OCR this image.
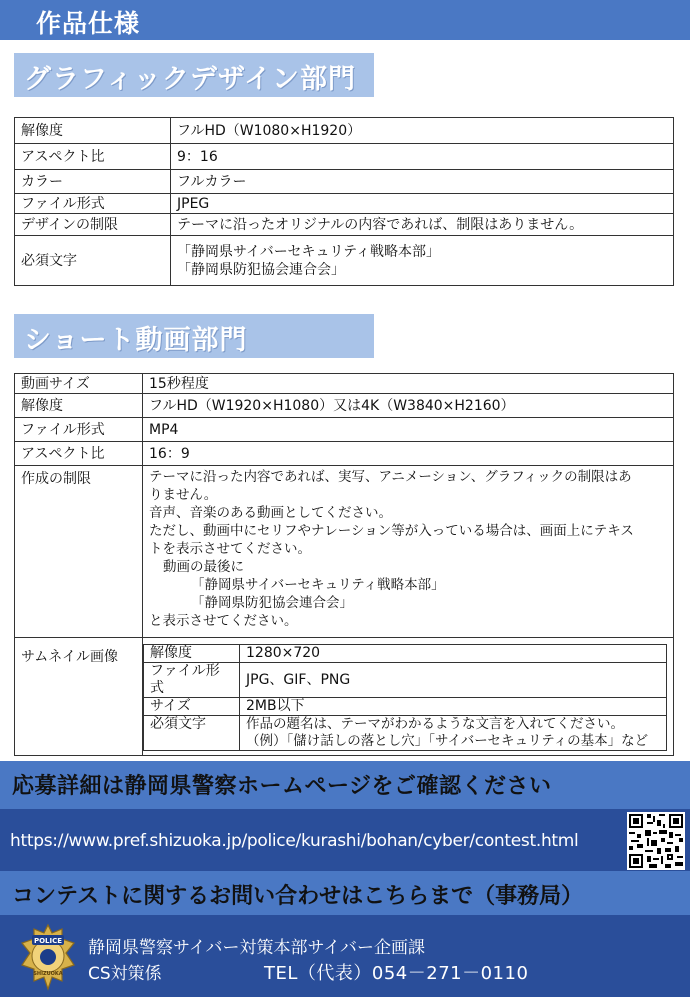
作品仕様
グラフィックデザイン部門
解像度	フルHD（W1080×H1920）
アスペクト比	9：16
カラー	フルカラー
ファイル形式	JPEG
デザインの制限	テーマに沿ったオリジナルの内容であれば、制限はありません。
必須文字	「静岡県サイバーセキュリティ戦略本部」
「静岡県防犯協会連合会」
ショート動画部門
動画サイズ	15秒程度
解像度	フルHD（W1920×H1080）又は4K（W3840×H2160）
ファイル形式	MP4
アスペクト比	16：9
作成の制限	テーマに沿った内容であれば、実写、アニメーション、グラフィックの制限はあ
りません。
音声、音楽のある動画としてください。
ただし、動画中にセリフやナレーション等が入っている場合は、画面上にテキス
トを表示させてください。
動画の最後に
「静岡県サイバーセキュリティ戦略本部」
「静岡県防犯協会連合会」
と表示させてください。

サムネイル画像	解像度	1280×720
ファイル形式	JPG、GIF、PNG
サイズ	2MB以下
必須文字	作品の題名は、テーマがわかるような文言を入れてください。
（例）「儲け話しの落とし穴」「サイバーセキュリティの基本」など
応募詳細は静岡県警察ホームページをご確認ください
https://www.pref.shizuoka.jp/police/kurashi/bohan/cyber/contest.html
コンテストに関するお問い合わせはこちらまで（事務局）
POLICE
SHIZUOKA
静岡県警察サイバー対策本部サイバー企画課
CS対策係	TEL（代表）054－271－0110
